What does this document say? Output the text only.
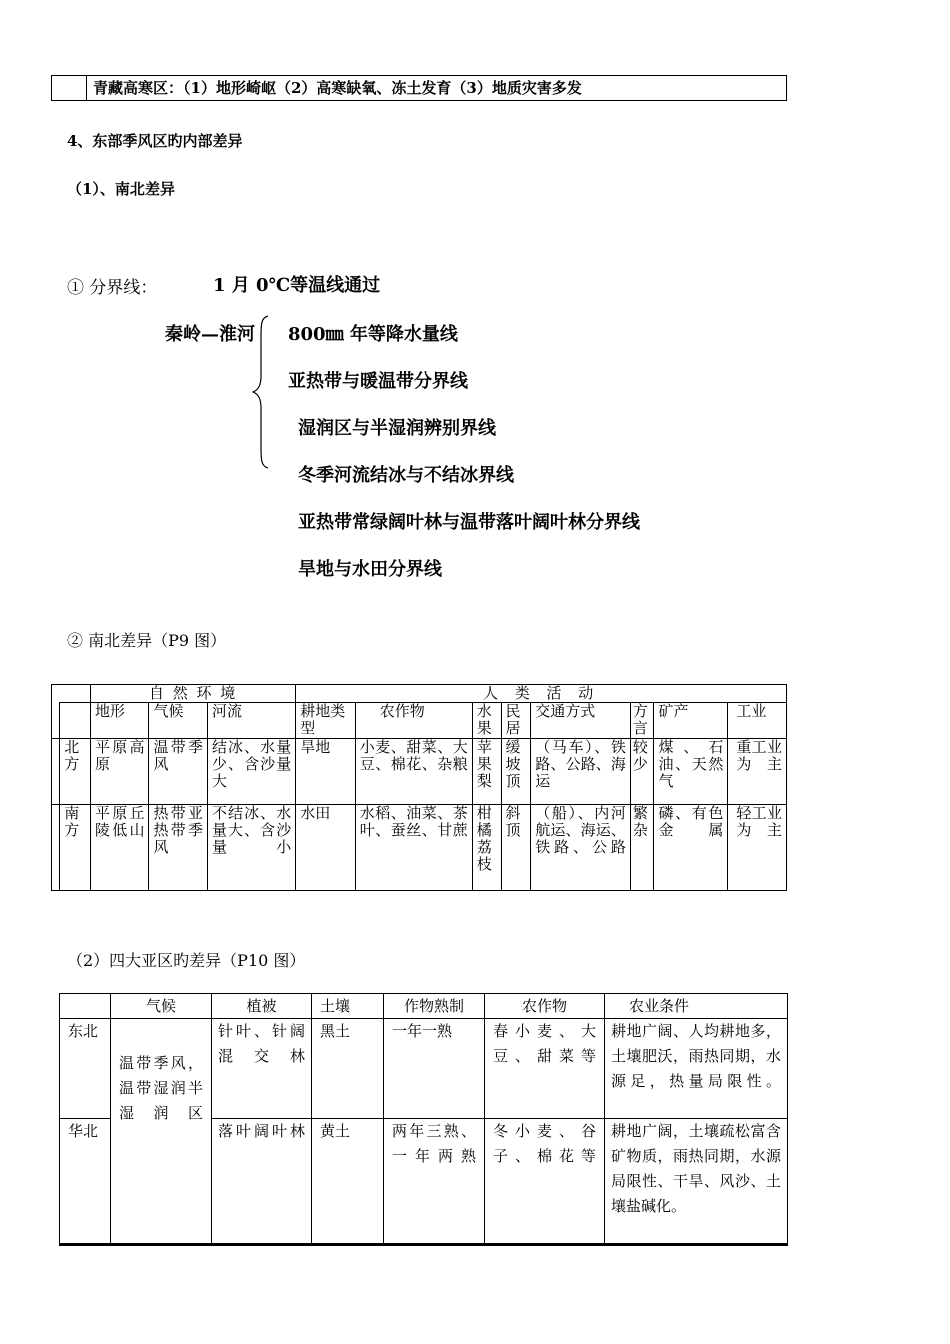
	青藏高寒区：（1）地形崎岖（2）高寒缺氧、冻土发育（3）地质灾害多发
4、东部季风区旳内部差异
（1）、南北差异
① 分界线：	1 月 0℃等温线通过
秦岭—淮河 800㎜ 年等降水量线
亚热带与暖温带分界线
湿润区与半湿润辨别界线
冬季河流结冰与不结冰界线
亚热带常绿阔叶林与温带落叶阔叶林分界线
旱地与水田分界线
② 南北差异（P9 图）
		自 然 环 境			人 类 活 动							
		地形	气候	河流	耕地类型	农作物	水果	民居	交通方式	方言	矿产	工业
	北方	平原高原	温带季风	结冰、水量少、含沙量大	旱地	小麦、甜菜、大豆、棉花、杂粮	苹果梨	缓坡顶	（马车）、铁路、公路、海运	较少	煤、石油、天然气	重工业为主
	南方	平原丘陵低山	热带亚热带季风	不结冰、水量大、含沙量小	水田	水稻、油菜、茶叶、蚕丝、甘蔗	柑橘荔枝	斜顶	（船）、内河航运、海运、铁路、公路	繁杂	磷、有色金属	轻工业为主
（2）四大亚区旳差异（P10 图）
	气候	植被	土壤	作物熟制	农作物	农业条件
东北	温带季风，温带湿润半湿润区	针叶、针阔混交林	黑土	一年一熟	春小麦、大豆、甜菜等	耕地广阔、人均耕地多，土壤肥沃，雨热同期，水源足，热量局限性。
华北		落叶阔叶林	黄土	两年三熟、一年两熟	冬小麦、谷子、棉花等	耕地广阔，土壤疏松富含矿物质，雨热同期，水源局限性、干旱、风沙、土壤盐碱化。
